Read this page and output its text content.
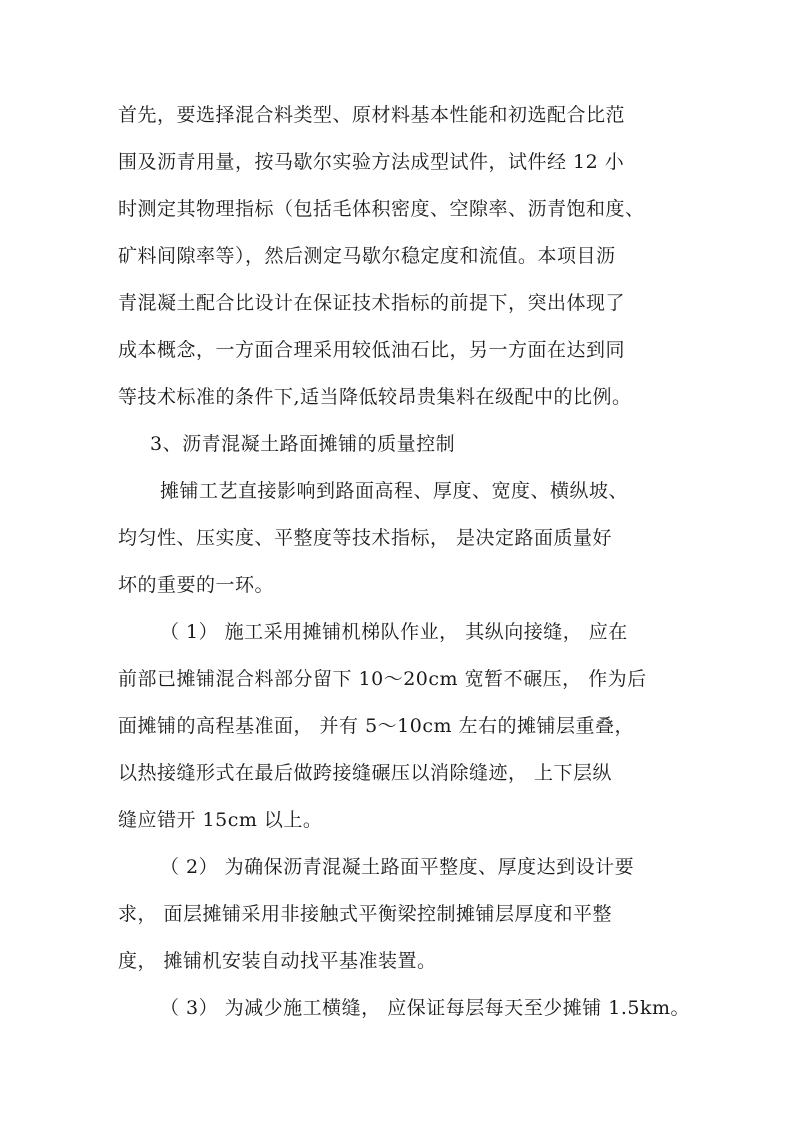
首先，要选择混合料类型、原材料基本性能和初选配合比范
围及沥青用量，按马歇尔实验方法成型试件，试件经 12 小
时测定其物理指标（包括毛体积密度、空隙率、沥青饱和度、
矿料间隙率等），然后测定马歇尔稳定度和流值。本项目沥
青混凝土配合比设计在保证技术指标的前提下，突出体现了
成本概念，一方面合理采用较低油石比，另一方面在达到同
等技术标准的条件下,适当降低较昂贵集料在级配中的比例。
3、沥青混凝土路面摊铺的质量控制
摊铺工艺直接影响到路面高程、厚度、宽度、横纵坡、
均匀性、压实度、平整度等技术指标， 是决定路面质量好
坏的重要的一环。
（ 1） 施工采用摊铺机梯队作业， 其纵向接缝， 应在
前部已摊铺混合料部分留下 10～20cm 宽暂不碾压， 作为后
面摊铺的高程基准面， 并有 5～10cm 左右的摊铺层重叠，
以热接缝形式在最后做跨接缝碾压以消除缝迹， 上下层纵
缝应错开 15cm 以上。
（ 2） 为确保沥青混凝土路面平整度、厚度达到设计要
求， 面层摊铺采用非接触式平衡梁控制摊铺层厚度和平整
度， 摊铺机安装自动找平基准装置。
（ 3） 为减少施工横缝， 应保证每层每天至少摊铺 1.5km。
